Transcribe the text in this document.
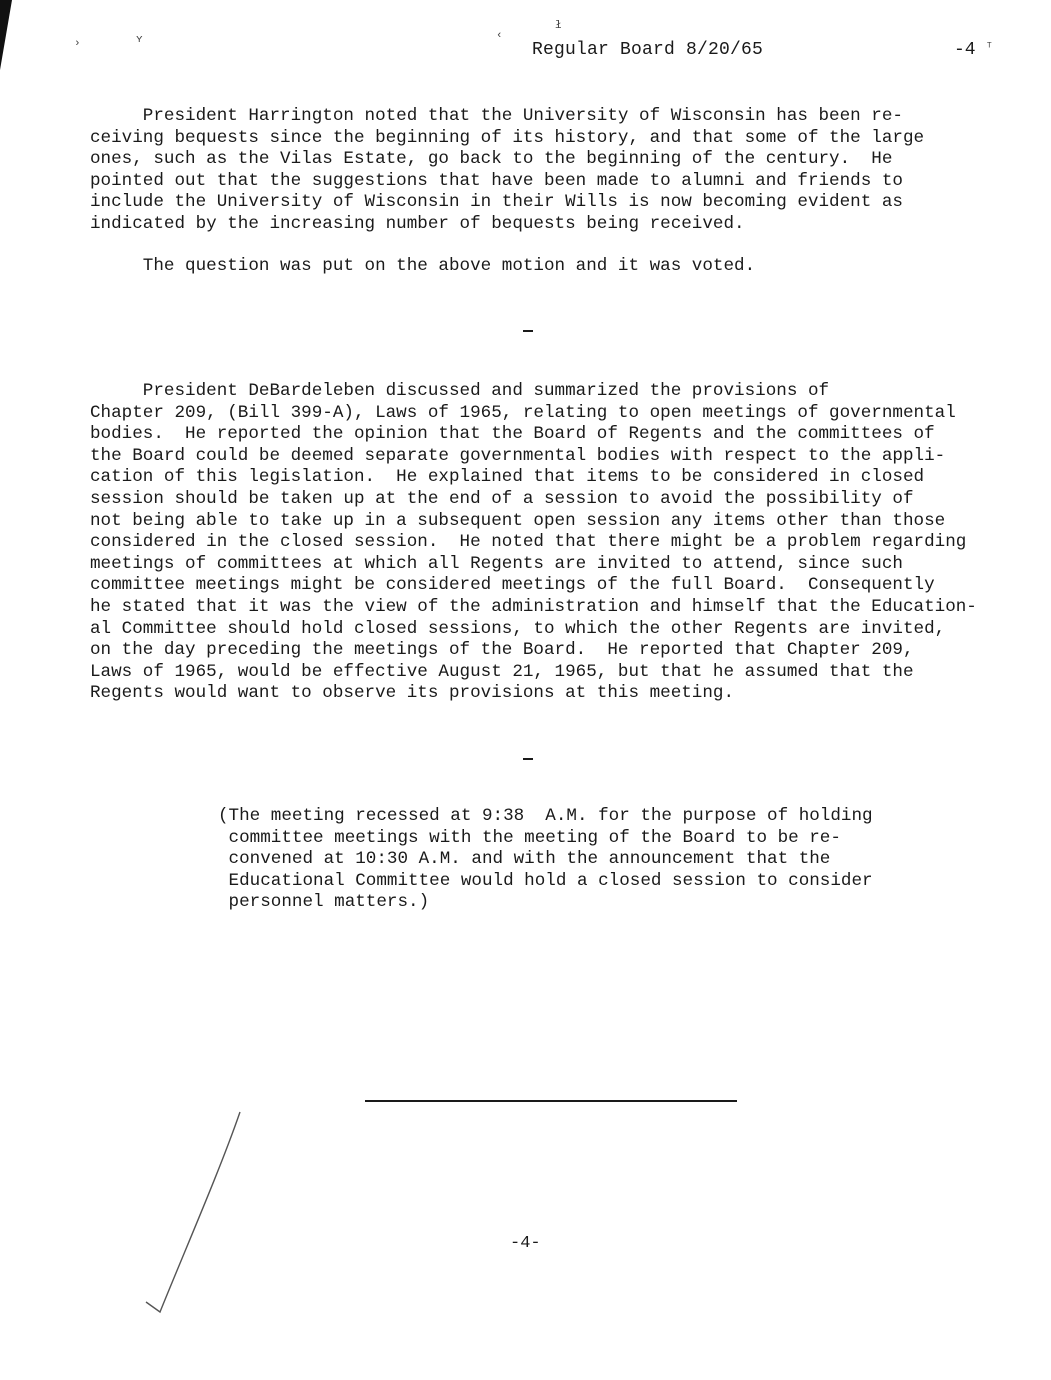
›	ʏ	‹
ł
ᵀ
Regular Board 8/20/65	-4

President Harrington noted that the University of Wisconsin has been re-
ceiving bequests since the beginning of its history, and that some of the large
ones, such as the Vilas Estate, go back to the beginning of the century.  He
pointed out that the suggestions that have been made to alumni and friends to
include the University of Wisconsin in their Wills is now becoming evident as
indicated by the increasing number of bequests being received.

The question was put on the above motion and it was voted.

President DeBardeleben discussed and summarized the provisions of
Chapter 209, (Bill 399-A), Laws of 1965, relating to open meetings of governmental
bodies.  He reported the opinion that the Board of Regents and the committees of
the Board could be deemed separate governmental bodies with respect to the appli-
cation of this legislation.  He explained that items to be considered in closed
session should be taken up at the end of a session to avoid the possibility of
not being able to take up in a subsequent open session any items other than those
considered in the closed session.  He noted that there might be a problem regarding
meetings of committees at which all Regents are invited to attend, since such
committee meetings might be considered meetings of the full Board.  Consequently
he stated that it was the view of the administration and himself that the Education-
al Committee should hold closed sessions, to which the other Regents are invited,
on the day preceding the meetings of the Board.  He reported that Chapter 209,
Laws of 1965, would be effective August 21, 1965, but that he assumed that the
Regents would want to observe its provisions at this meeting.

(The meeting recessed at 9:38  A.M. for the purpose of holding
committee meetings with the meeting of the Board to be re-
convened at 10:30 A.M. and with the announcement that the
Educational Committee would hold a closed session to consider
personnel matters.)

-4-
